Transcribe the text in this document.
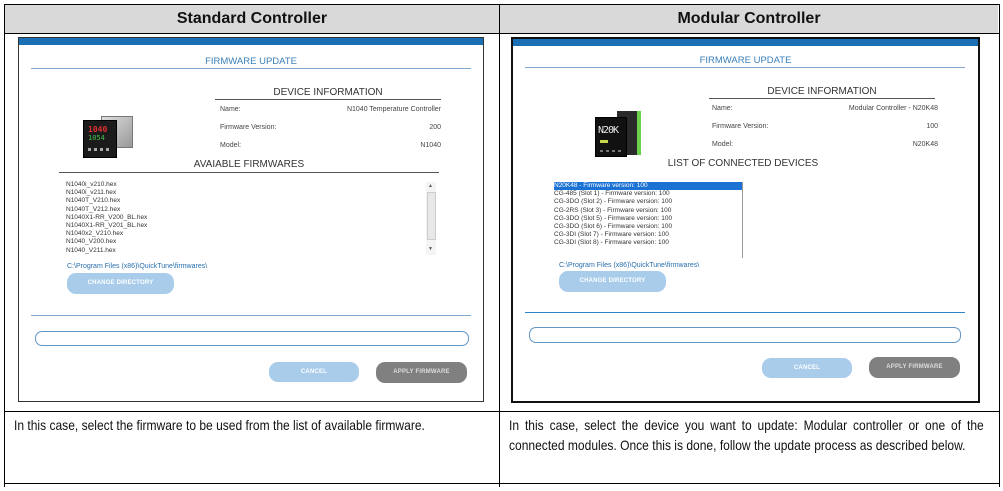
Standard Controller	Modular Controller
FIRMWARE UPDATE
DEVICE INFORMATION
Name:	N1040 Temperature Controller
Firmware Version:	200
Model:	N1040
1040
1054
AVAIABLE FIRMWARES
N1040i_v210.hex
N1040i_v211.hex
N1040T_V210.hex
N1040T_V212.hex
N1040X1-RR_V200_BL.hex
N1040X1-RR_V201_BL.hex
N1040x2_V210.hex
N1040_V200.hex
N1040_V211.hex
▲
▼
C:\Program Files (x86)\QuickTune\firmwares\
CHANGE DIRECTORY
CANCEL	APPLY FIRMWARE
FIRMWARE UPDATE
DEVICE INFORMATION
Name:	Modular Controller - N20K48
Firmware Version:	100
Model:	N20K48
N20K
LIST OF CONNECTED DEVICES
N20K48 - Firmware version: 100
CG-485 (Slot 1) - Firmware version: 100
CG-3DO (Slot 2) - Firmware version: 100
CG-2RS (Slot 3) - Firmware version: 100
CG-3DO (Slot 5) - Firmware version: 100
CG-3DO (Slot 6) - Firmware version: 100
CG-3DI (Slot 7) - Firmware version: 100
CG-3DI (Slot 8) - Firmware version: 100
C:\Program Files (x86)\QuickTune\firmwares\
CHANGE DIRECTORY
CANCEL	APPLY FIRMWARE
In this case, select the firmware to be used from the list of available firmware.	In this case, select the device you want to update: Modular controller or one of the connected modules. Once this is done, follow the update process as described below.
